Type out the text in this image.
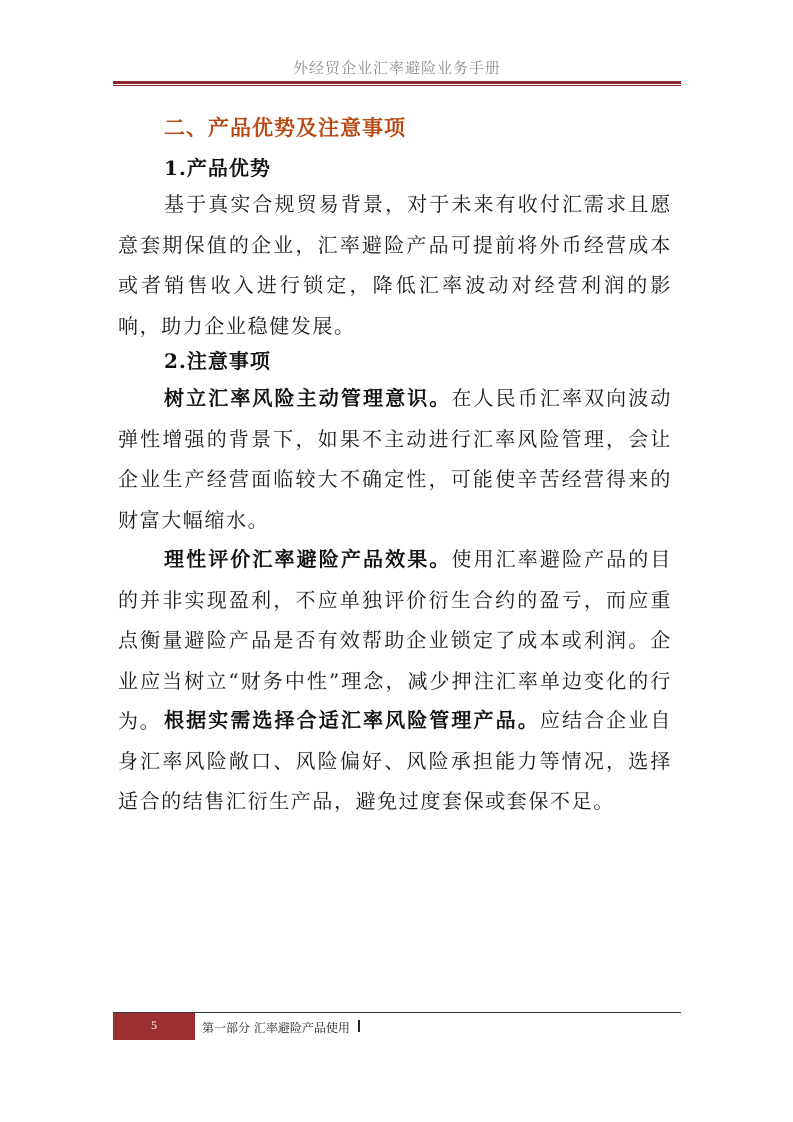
外经贸企业汇率避险业务手册
二、产品优势及注意事项
1.产品优势

基于真实合规贸易背景，对于未来有收付汇需求且愿意套期保值的企业，汇率避险产品可提前将外币经营成本或者销售收入进行锁定，降低汇率波动对经营利润的影响，助力企业稳健发展。

2.注意事项

树立汇率风险主动管理意识。在人民币汇率双向波动弹性增强的背景下，如果不主动进行汇率风险管理，会让企业生产经营面临较大不确定性，可能使辛苦经营得来的财富大幅缩水。

理性评价汇率避险产品效果。使用汇率避险产品的目的并非实现盈利，不应单独评价衍生合约的盈亏，而应重点衡量避险产品是否有效帮助企业锁定了成本或利润。企业应当树立“财务中性”理念，减少押注汇率单边变化的行为。 根据实需选择合适汇率风险管理产品。应结合企业自身汇率风险敞口、风险偏好、风险承担能力等情况，选择适合的结售汇衍生产品，避免过度套保或套保不足。

5	第一部分 汇率避险产品使用
